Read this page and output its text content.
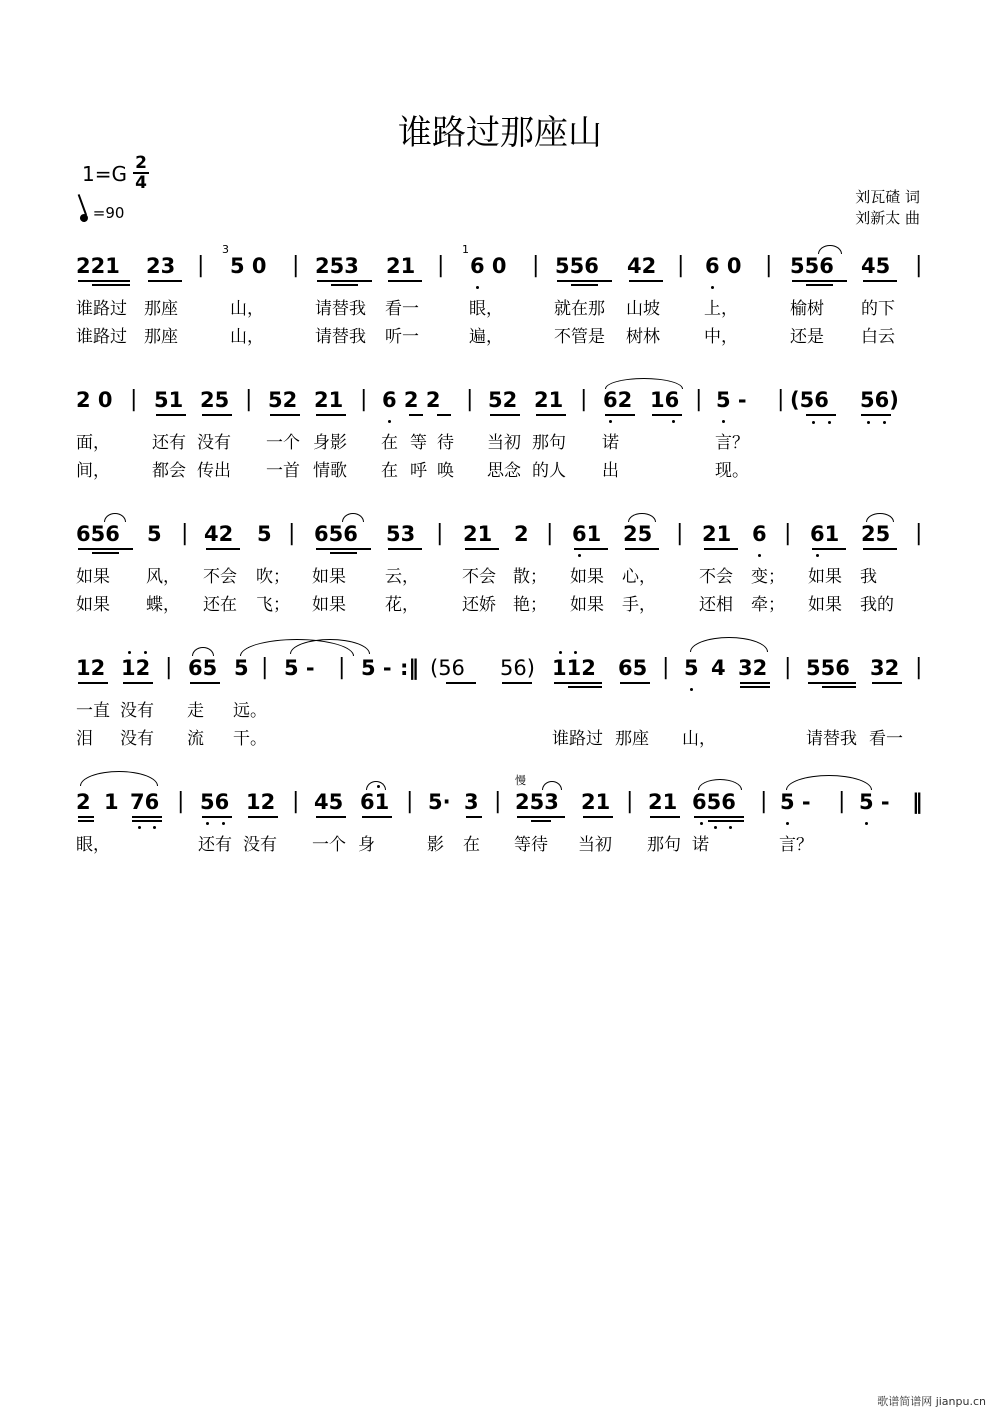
谁路过那座山
1=G 2
4
=90
刘瓦碴 词
刘新太 曲
221 23 |
3
5 0 | 253 21 |
1
6 0 | 556 42 | 6 0 | 556 45 |
谁路过 那座	山，	请替我 看一	眼，	就在那 山坡	上，	榆树 的下
谁路过 那座	山，	请替我 听一	遍，	不管是 树林	中，	还是 白云
2 0 | 51 25 | 52 21 | 6 2 2 | 52 21 | 62 16 | 5 - | (56 56)
面， 还有 没有 一个 身影 在 等 待 当初 那句 诺	言？
间， 都会 传出 一首 情歌 在 呼 唤 思念 的人 出	现。
656 5 | 42 5 | 656 53 | 21 2 | 61 25 | 21 6 | 61 25 |
如果 风， 不会 吹； 如果 云，	不会 散； 如果 心，	不会 变； 如果 我
如果 蝶， 还在 飞； 如果 花，	还娇 艳； 如果 手，	还相 牵； 如果 我的
12 12 | 65 5 | 5 - | 5 - :‖ (56 56) 112 65 | 5 4 32 | 556 32 |
一直 没有 走 远。
泪 没有 流 干。	谁路过 那座 山，	请替我 看一
慢
2 1 76 | 56 12 | 45 61 | 5· 3 | 253 21 | 21 656 | 5 - | 5 - ‖
眼，	还有 没有 一个 身	影 在 等待 当初 那句 诺	言？
歌谱简谱网 jianpu.cn
